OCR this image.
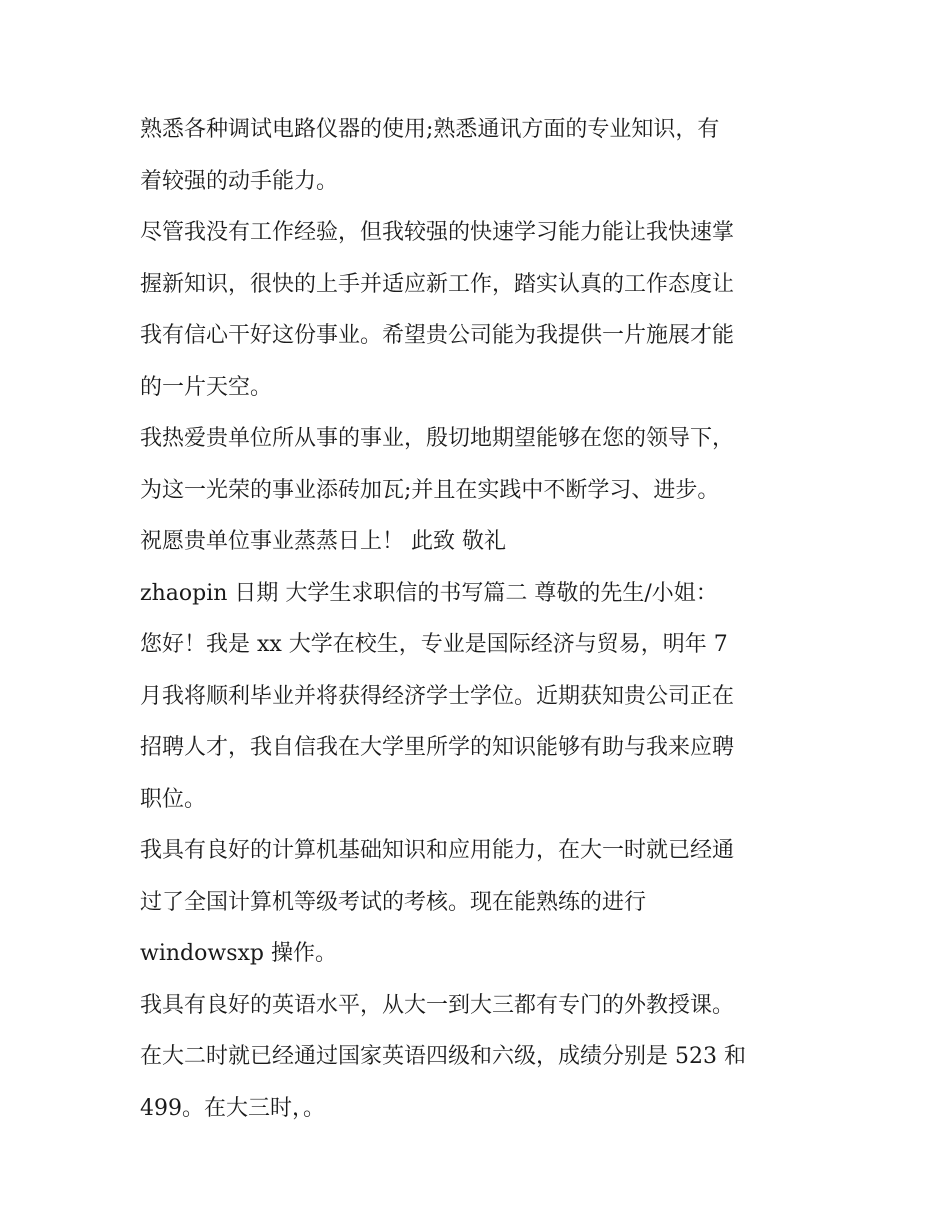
熟悉各种调试电路仪器的使用;熟悉通讯方面的专业知识，有
着较强的动手能力。
尽管我没有工作经验，但我较强的快速学习能力能让我快速掌
握新知识，很快的上手并适应新工作，踏实认真的工作态度让
我有信心干好这份事业。希望贵公司能为我提供一片施展才能
的一片天空。
我热爱贵单位所从事的事业，殷切地期望能够在您的领导下，
为这一光荣的事业添砖加瓦;并且在实践中不断学习、进步。
祝愿贵单位事业蒸蒸日上！ 此致 敬礼
zhaopin 日期 大学生求职信的书写篇二 尊敬的先生/小姐：
您好！我是 xx 大学在校生，专业是国际经济与贸易，明年 7
月我将顺利毕业并将获得经济学士学位。近期获知贵公司正在
招聘人才，我自信我在大学里所学的知识能够有助与我来应聘
职位。
我具有良好的计算机基础知识和应用能力，在大一时就已经通
过了全国计算机等级考试的考核。现在能熟练的进行
windowsxp 操作。
我具有良好的英语水平，从大一到大三都有专门的外教授课。
在大二时就已经通过国家英语四级和六级，成绩分别是 523 和
499。在大三时，。
